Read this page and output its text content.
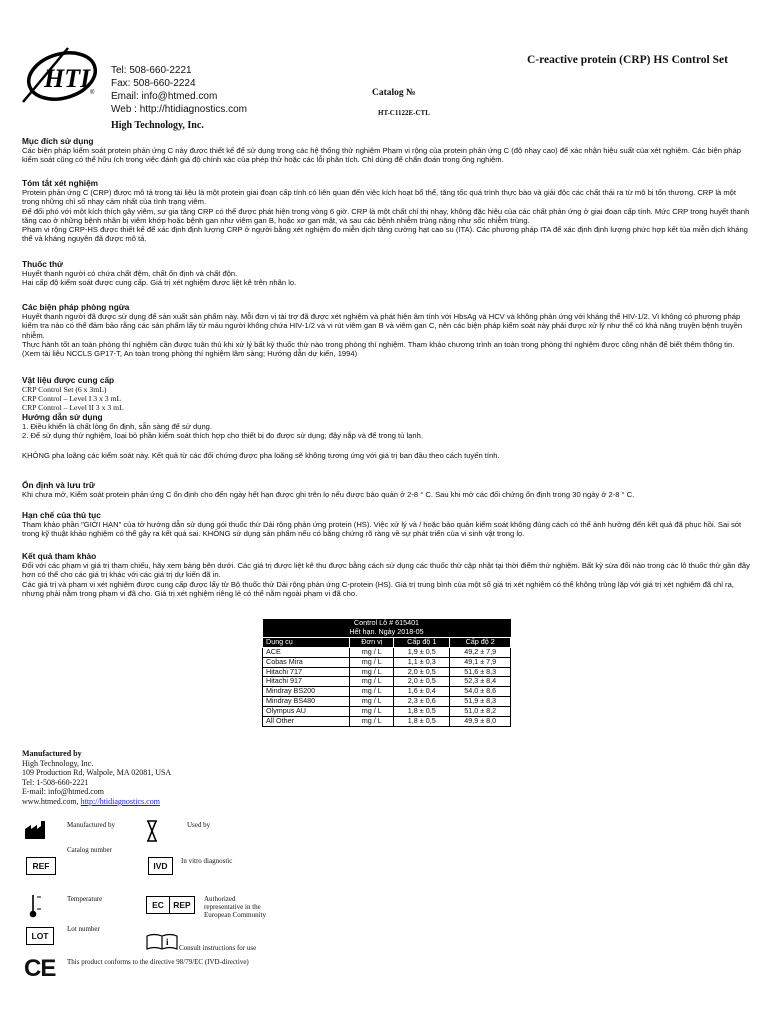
HTI ®
Tel: 508-660-2221
Fax: 508-660-2224
Email: info@htmed.com
Web : http://htidiagnostics.com
High Technology, Inc.
C-reactive protein (CRP) HS Control Set
Catalog №
HT-C1122E-CTL
Mục đích sử dụng

Các biện pháp kiểm soát protein phản ứng C này được thiết kế để sử dụng trong các hệ thống thử nghiệm Phạm vi rộng của protein phản ứng C (độ nhạy cao) để xác nhận hiệu suất của xét nghiệm. Các biện pháp kiểm soát cũng có thể hữu ích trong việc đánh giá độ chính xác của phép thử hoặc các lỗi phân tích. Chỉ dùng để chẩn đoán trong ống nghiệm.

Tóm tắt xét nghiệm

Protein phản ứng C (CRP) được mô tả trong tài liệu là một protein giai đoạn cấp tính có liên quan đến việc kích hoạt bổ thể, tăng tốc quá trình thực bào và giải độc các chất thải ra từ mô bị tổn thương. CRP là một trong những chỉ số nhạy cảm nhất của tình trạng viêm.

Để đối phó với một kích thích gây viêm, sự gia tăng CRP có thể được phát hiện trong vòng 6 giờ. CRP là một chất chỉ thị nhạy, không đặc hiệu của các chất phản ứng ở giai đoạn cấp tính. Mức CRP trong huyết thanh tăng cao ở những bệnh nhân bị viêm khớp hoặc bệnh gan như viêm gan B, hoặc xơ gan mật, và sau các bệnh nhiễm trùng nặng như sốc nhiễm trùng.

Phạm vi rộng CRP-HS được thiết kế để xác định định lượng CRP ở người bằng xét nghiệm đo miễn dịch tăng cường hạt cao su (ITA). Các phương pháp ITA để xác định định lượng phức hợp kết tủa miễn dịch kháng thể và kháng nguyên đã được mô tả.

Thuốc thử

Huyết thanh người có chứa chất đệm, chất ổn định và chất độn.

Hai cấp độ kiểm soát được cung cấp. Giá trị xét nghiệm được liệt kê trên nhãn lọ.

Các biện pháp phòng ngừa

Huyết thanh người đã được sử dụng để sản xuất sản phẩm này. Mỗi đơn vị tài trợ đã được xét nghiệm và phát hiện âm tính với HbsAg và HCV và không phản ứng với kháng thể HIV-1/2. Vì không có phương pháp kiểm tra nào có thể đảm bảo rằng các sản phẩm lấy từ máu người không chứa HIV-1/2 và vi rút viêm gan B và viêm gan C, nên các biện pháp kiểm soát này phải được xử lý như thể có khả năng truyền bệnh truyền nhiễm.

Thực hành tốt an toàn phòng thí nghiệm cần được tuân thủ khi xử lý bất kỳ thuốc thử nào trong phòng thí nghiệm. Tham khảo chương trình an toàn trong phòng thí nghiệm được công nhận để biết thêm thông tin. (Xem tài liệu NCCLS GP17-T, An toàn trong phòng thí nghiệm lâm sàng; Hướng dẫn dự kiến, 1994)

Vật liệu được cung cấp

CRP Control Set (6 x 3mL)

CRP Control – Level I 3 x 3 mL

CRP Control – Level II 3 x 3 mL

Hướng dẫn sử dụng

1. Điều khiển là chất lỏng ổn định, sẵn sàng để sử dụng.

2. Để sử dụng thử nghiệm, loại bỏ phần kiểm soát thích hợp cho thiết bị đo được sử dụng; đậy nắp và để trong tủ lạnh.

KHÔNG pha loãng các kiểm soát này. Kết quả từ các đối chứng được pha loãng sẽ không tương ứng với giá trị ban đầu theo cách tuyến tính.

Ổn định và lưu trữ

Khi chưa mở, Kiểm soát protein phản ứng C ổn định cho đến ngày hết hạn được ghi trên lọ nếu được bảo quản ở 2-8 ° C. Sau khi mở các đối chứng ổn định trong 30 ngày ở 2-8 ° C.

Hạn chế của thủ tục

Tham khảo phần "GIỚI HẠN" của tờ hướng dẫn sử dụng gói thuốc thử Dải rộng phản ứng protein (HS). Việc xử lý và / hoặc bảo quản kiểm soát không đúng cách có thể ảnh hưởng đến kết quả đã phục hồi. Sai sót trong kỹ thuật khảo nghiệm có thể gây ra kết quả sai. KHÔNG sử dụng sản phẩm nếu có bằng chứng rõ ràng về sự phát triển của vi sinh vật trong lọ.

Kết quả tham khảo

Đối với các phạm vi giá trị tham chiếu, hãy xem bảng bên dưới. Các giá trị được liệt kê thu được bằng cách sử dụng các thuốc thử cập nhật tại thời điểm thử nghiệm. Bất kỳ sửa đổi nào trong các lô thuốc thử gần đây hơn có thể cho các giá trị khác với các giá trị dự kiến đã in.

Các giá trị và phạm vi xét nghiệm được cung cấp được lấy từ Bộ thuốc thử Dải rộng phản ứng C-protein (HS). Giá trị trung bình của một số giá trị xét nghiệm có thể không trùng lặp với giá trị xét nghiệm đã chỉ ra, nhưng phải nằm trong phạm vi đã cho. Giá trị xét nghiệm riêng lẻ có thể nằm ngoài phạm vi đã cho.

Control Lô # 615401			
Hết hạn. Ngày 2018-05			
Dụng cụ	Đơn vị	Cấp độ 1	Cấp độ 2
ACE	mg / L	1,9 ± 0,5	49,2 ± 7,9
Cobas Mira	mg / L	1,1 ± 0,3	49,1 ± 7,9
Hitachi 717	mg / L	2,0 ± 0,5	51,6 ± 8,3
Hitachi 917	mg / L	2,0 ± 0,5	52,3 ± 8,4
Mindray BS200	mg / L	1,6 ± 0,4	54,0 ± 8,6
Mindray BS480	mg / L	2,3 ± 0,6	51,9 ± 8,3
Olympus AU	mg / L	1,8 ± 0,5	51,0 ± 8,2
All Other	mg / L	1,8 ± 0,5	49,9 ± 8,0
Manufactured by
High Technology, Inc.
109 Production Rd, Walpole, MA 02081, USA
Tel: 1-508-660-2221
E-mail: info@htmed.com
www.htmed.com, http://htidiagnostics.com
Manufactured by	Used by
Catalog number
REF	IVD	In vitro diagnostic
Temperature
EC	REP
Authorized representative in the European Community
Lot number
LOT
i
Consult instructions for use
CE This product conforms to the directive 98/79/EC (IVD-directive)
